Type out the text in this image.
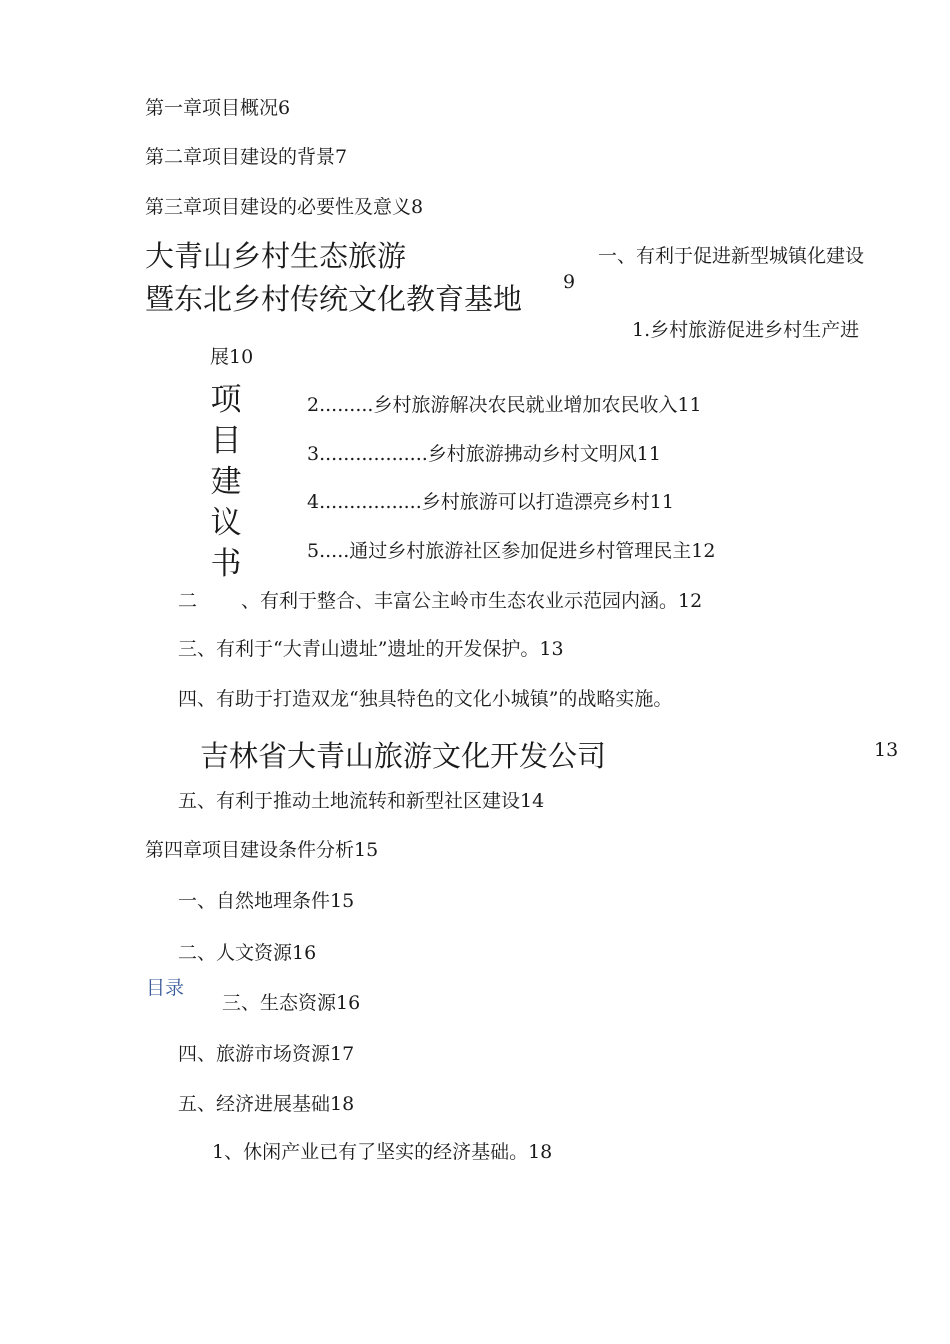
第一章项目概况6
第二章项目建设的背景7
第三章项目建设的必要性及意义8
大青山乡村生态旅游
暨东北乡村传统文化教育基地 9
一、有利于促进新型城镇化建设
1.乡村旅游促进乡村生产进
展10
项
目
建
议
书
2.........乡村旅游解决农民就业增加农民收入11
3..................乡村旅游拂动乡村文明风11
4.................乡村旅游可以打造漂亮乡村11
5.....通过乡村旅游社区参加促进乡村管理民主12
二 、有利于整合、丰富公主岭市生态农业示范园内涵。12
三、有利于“大青山遗址”遗址的开发保护。13
四、有助于打造双龙“独具特色的文化小城镇”的战略实施。
吉林省大青山旅游文化开发公司	13
五、有利于推动土地流转和新型社区建设14
第四章项目建设条件分析15
一、自然地理条件15
二、人文资源16
目录
三、生态资源16
四、旅游市场资源17
五、经济进展基础18
1、休闲产业已有了坚实的经济基础。18
